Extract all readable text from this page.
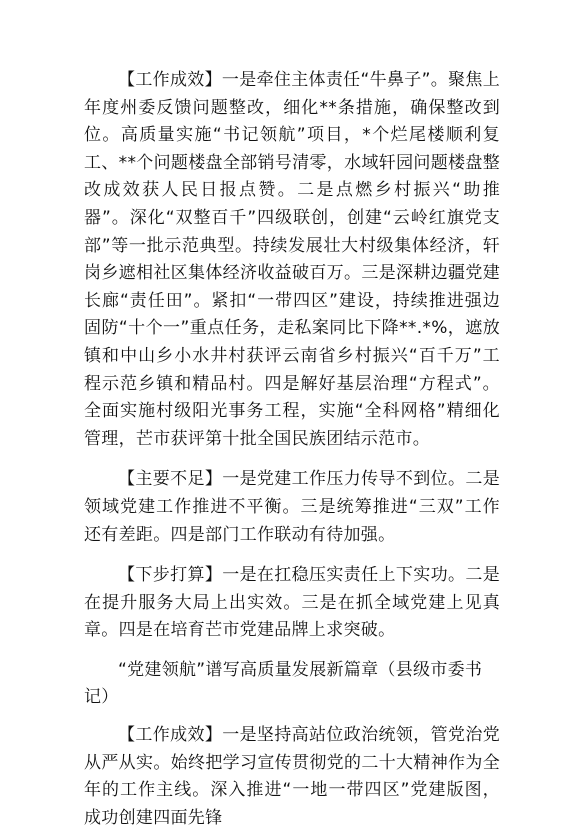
【工作成效】一是牵住主体责任“牛鼻子”。聚焦上年度州委反馈问题整改，细化**条措施，确保整改到位。高质量实施“书记领航”项目，*个烂尾楼顺利复工、**个问题楼盘全部销号清零，水域轩园问题楼盘整改成效获人民日报点赞。二是点燃乡村振兴“助推器”。深化“双整百千”四级联创，创建“云岭红旗党支部”等一批示范典型。持续发展壮大村级集体经济，轩岗乡遮相社区集体经济收益破百万。三是深耕边疆党建长廊“责任田”。紧扣“一带四区”建设，持续推进强边固防“十个一”重点任务，走私案同比下降**.*%，遮放镇和中山乡小水井村获评云南省乡村振兴“百千万”工程示范乡镇和精品村。四是解好基层治理“方程式”。全面实施村级阳光事务工程，实施“全科网格”精细化管理，芒市获评第十批全国民族团结示范市。

【主要不足】一是党建工作压力传导不到位。二是领域党建工作推进不平衡。三是统筹推进“三双”工作还有差距。四是部门工作联动有待加强。

【下步打算】一是在扛稳压实责任上下实功。二是在提升服务大局上出实效。三是在抓全域党建上见真章。四是在培育芒市党建品牌上求突破。

“党建领航”谱写高质量发展新篇章（县级市委书记）

【工作成效】一是坚持高站位政治统领，管党治党从严从实。始终把学习宣传贯彻党的二十大精神作为全年的工作主线。深入推进“一地一带四区”党建版图，成功创建四面先锋
